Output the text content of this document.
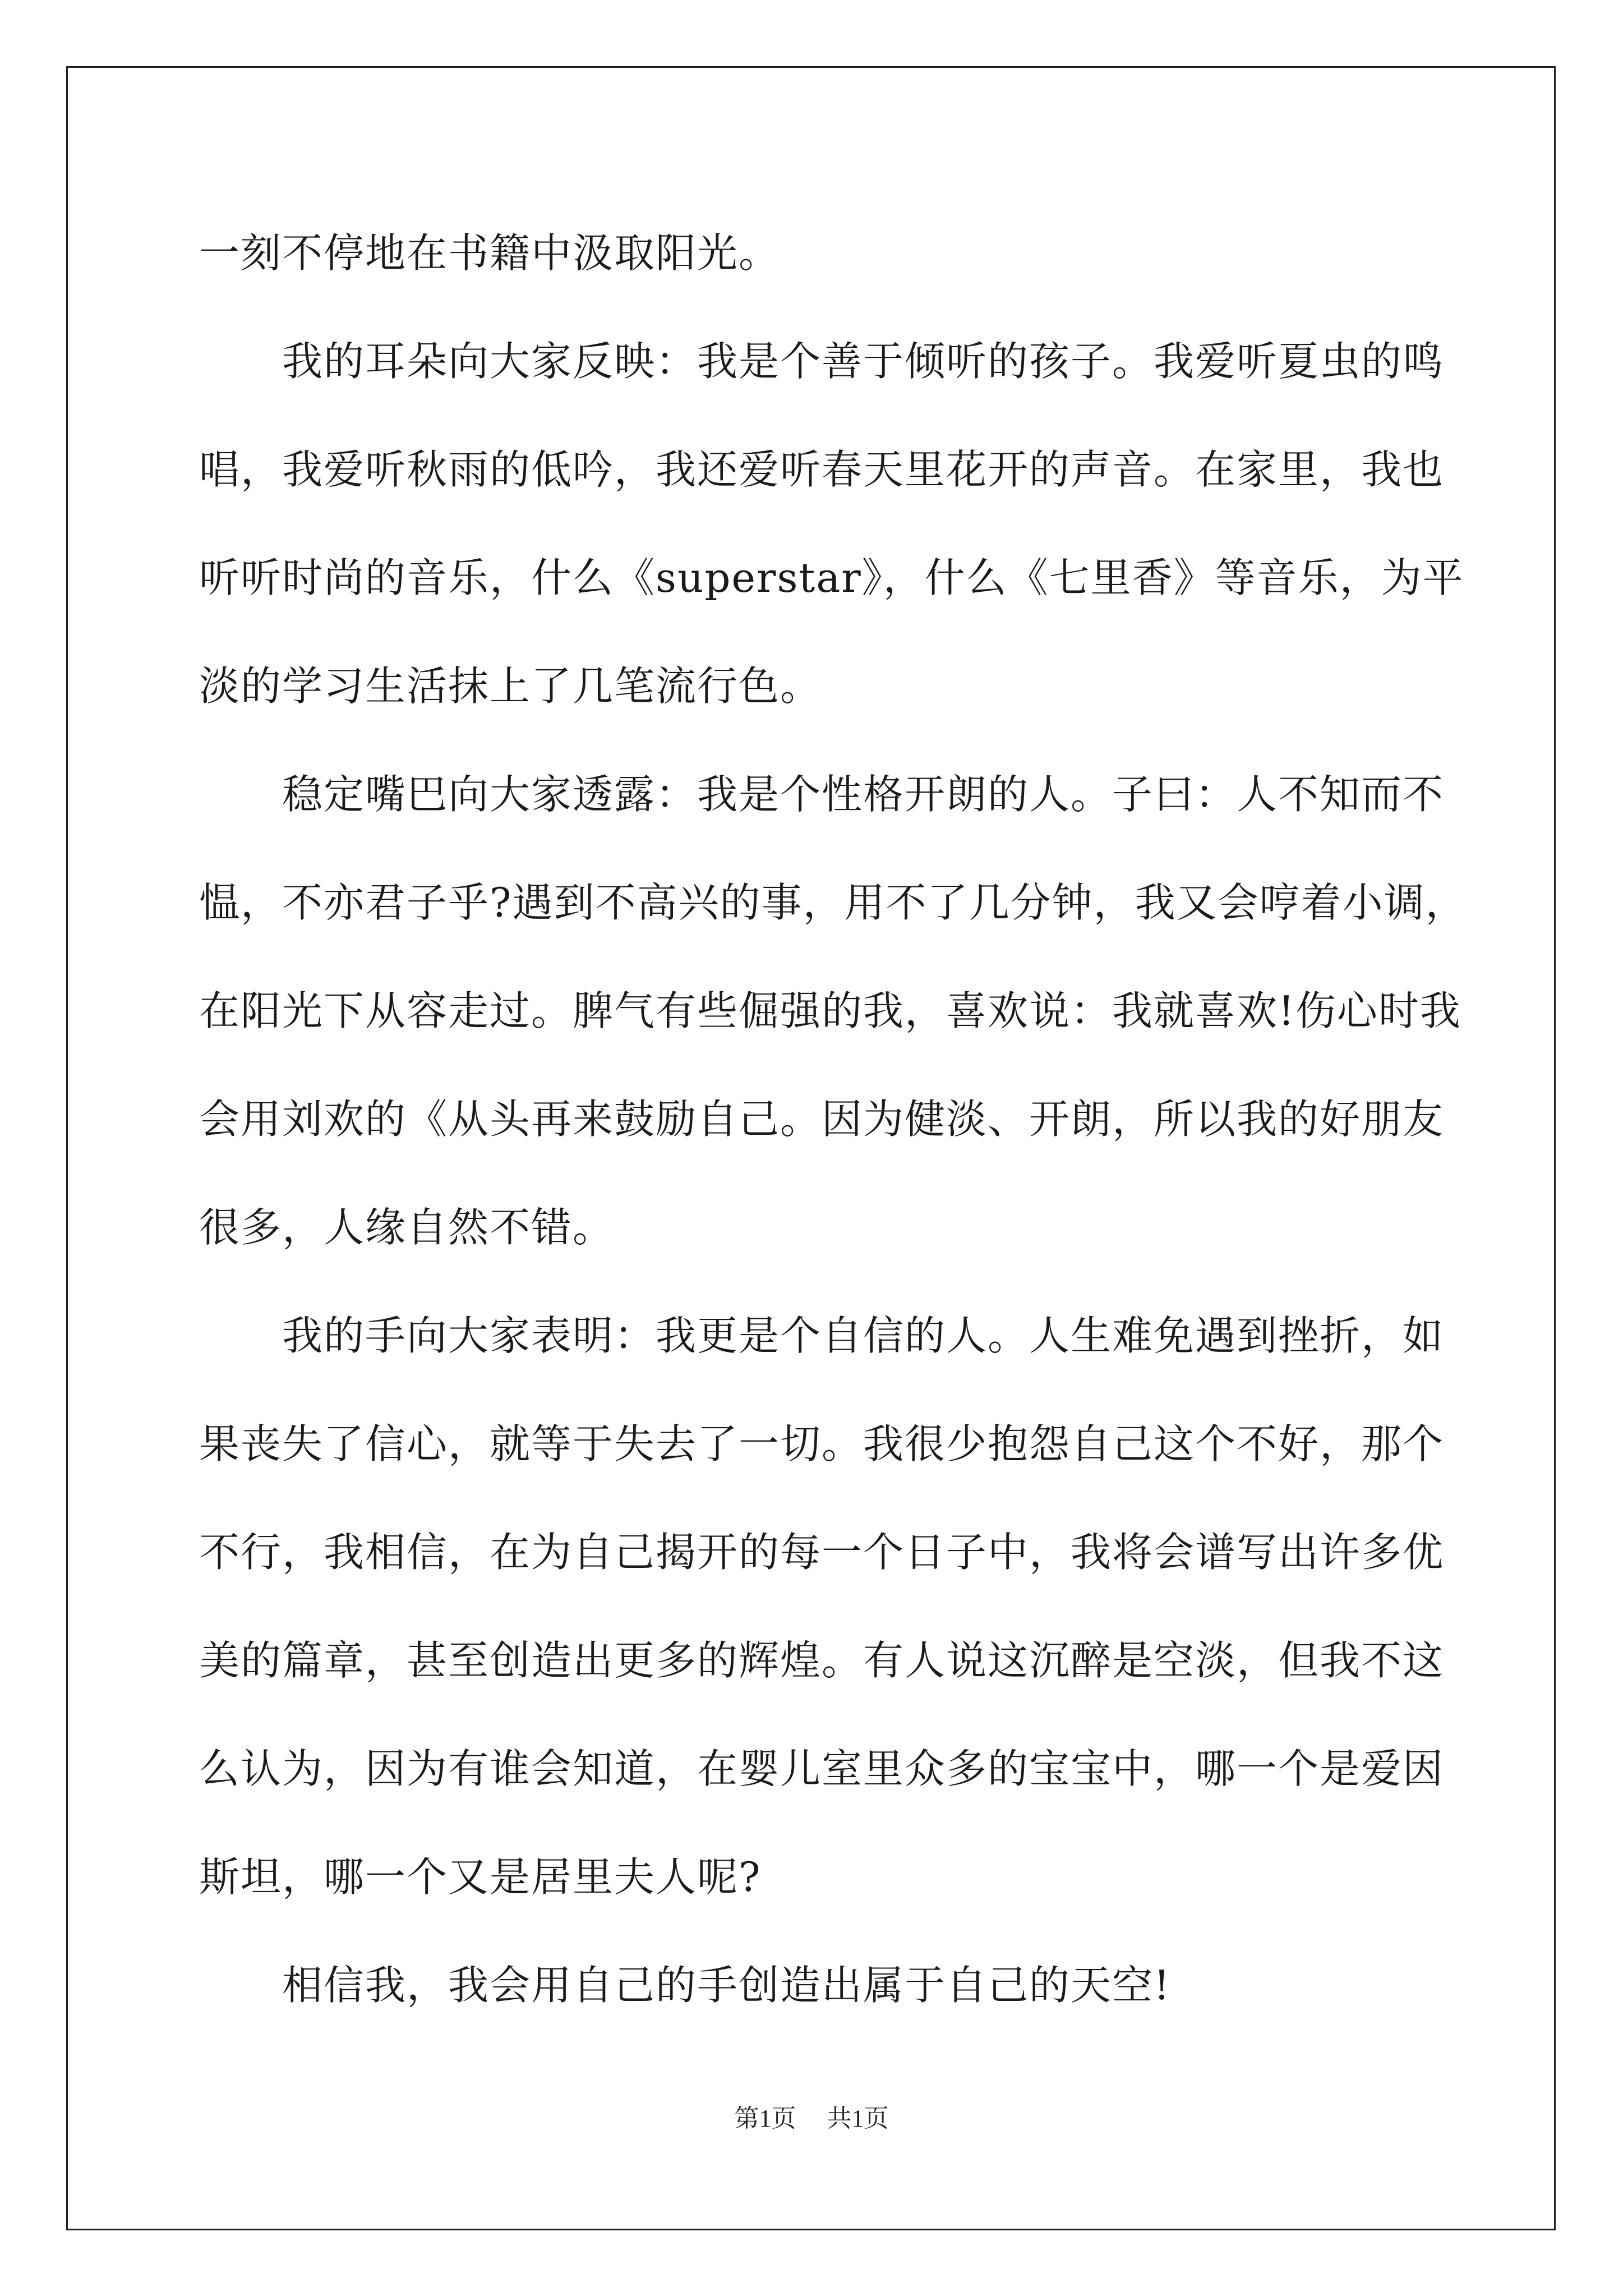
一刻不停地在书籍中汲取阳光。
我的耳朵向大家反映：我是个善于倾听的孩子。我爱听夏虫的鸣
唱，我爱听秋雨的低吟，我还爱听春天里花开的声音。在家里，我也
听听时尚的音乐，什么《superstar》，什么《七里香》等音乐，为平
淡的学习生活抹上了几笔流行色。
稳定嘴巴向大家透露：我是个性格开朗的人。子曰：人不知而不
愠，不亦君子乎?遇到不高兴的事，用不了几分钟，我又会哼着小调，
在阳光下从容走过。脾气有些倔强的我，喜欢说：我就喜欢!伤心时我
会用刘欢的《从头再来鼓励自己。因为健淡、开朗，所以我的好朋友
很多，人缘自然不错。
我的手向大家表明：我更是个自信的人。人生难免遇到挫折，如
果丧失了信心，就等于失去了一切。我很少抱怨自己这个不好，那个
不行，我相信，在为自己揭开的每一个日子中，我将会谱写出许多优
美的篇章，甚至创造出更多的辉煌。有人说这沉醉是空淡，但我不这
么认为，因为有谁会知道，在婴儿室里众多的宝宝中，哪一个是爱因
斯坦，哪一个又是居里夫人呢?
相信我，我会用自己的手创造出属于自己的天空!
第1页 共1页
